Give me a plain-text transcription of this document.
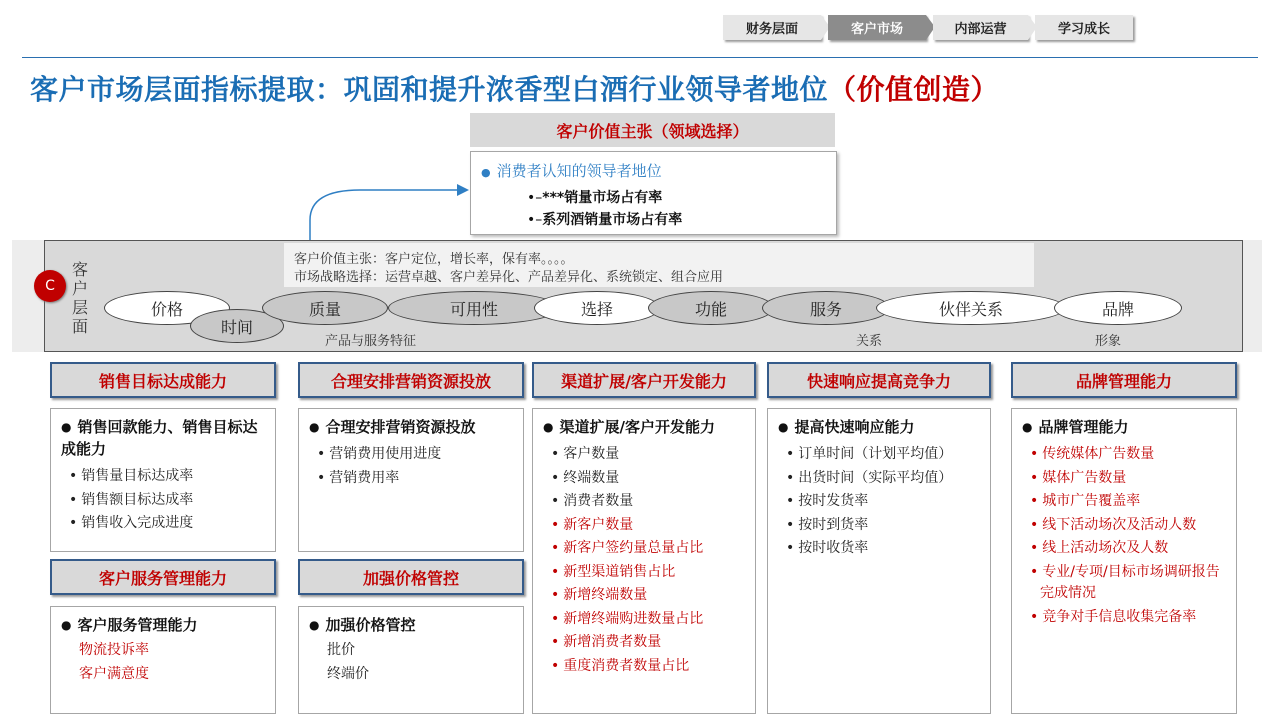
财务层面	客户市场	内部运营	学习成长
客户市场层面指标提取：巩固和提升浓香型白酒行业领导者地位（价值创造）
客户价值主张（领域选择）
● 消费者认知的领导者地位
•–***销量市场占有率
•–系列酒销量市场占有率
客户价值主张：客户定位，增长率，保有率。。。。
市场战略选择：运营卓越、客户差异化、产品差异化、系统锁定、组合应用
C
客户层面
价格
时间
质量	可用性	选择	功能	服务	伙伴关系	品牌
产品与服务特征	关系	形象
销售目标达成能力
● 销售回款能力、销售目标达成能力
• 销售量目标达成率
• 销售额目标达成率
• 销售收入完成进度
客户服务管理能力
● 客户服务管理能力
物流投诉率
客户满意度
合理安排营销资源投放
● 合理安排营销资源投放
• 营销费用使用进度
• 营销费用率
加强价格管控
● 加强价格管控
批价
终端价
渠道扩展/客户开发能力
● 渠道扩展/客户开发能力
• 客户数量
• 终端数量
• 消费者数量
• 新客户数量
• 新客户签约量总量占比
• 新型渠道销售占比
• 新增终端数量
• 新增终端购进数量占比
• 新增消费者数量
• 重度消费者数量占比
快速响应提高竞争力
● 提高快速响应能力
• 订单时间（计划平均值）
• 出货时间（实际平均值）
• 按时发货率
• 按时到货率
• 按时收货率
品牌管理能力
● 品牌管理能力
• 传统媒体广告数量
• 媒体广告数量
• 城市广告覆盖率
• 线下活动场次及活动人数
• 线上活动场次及人数
• 专业/专项/目标市场调研报告完成情况
• 竞争对手信息收集完备率
